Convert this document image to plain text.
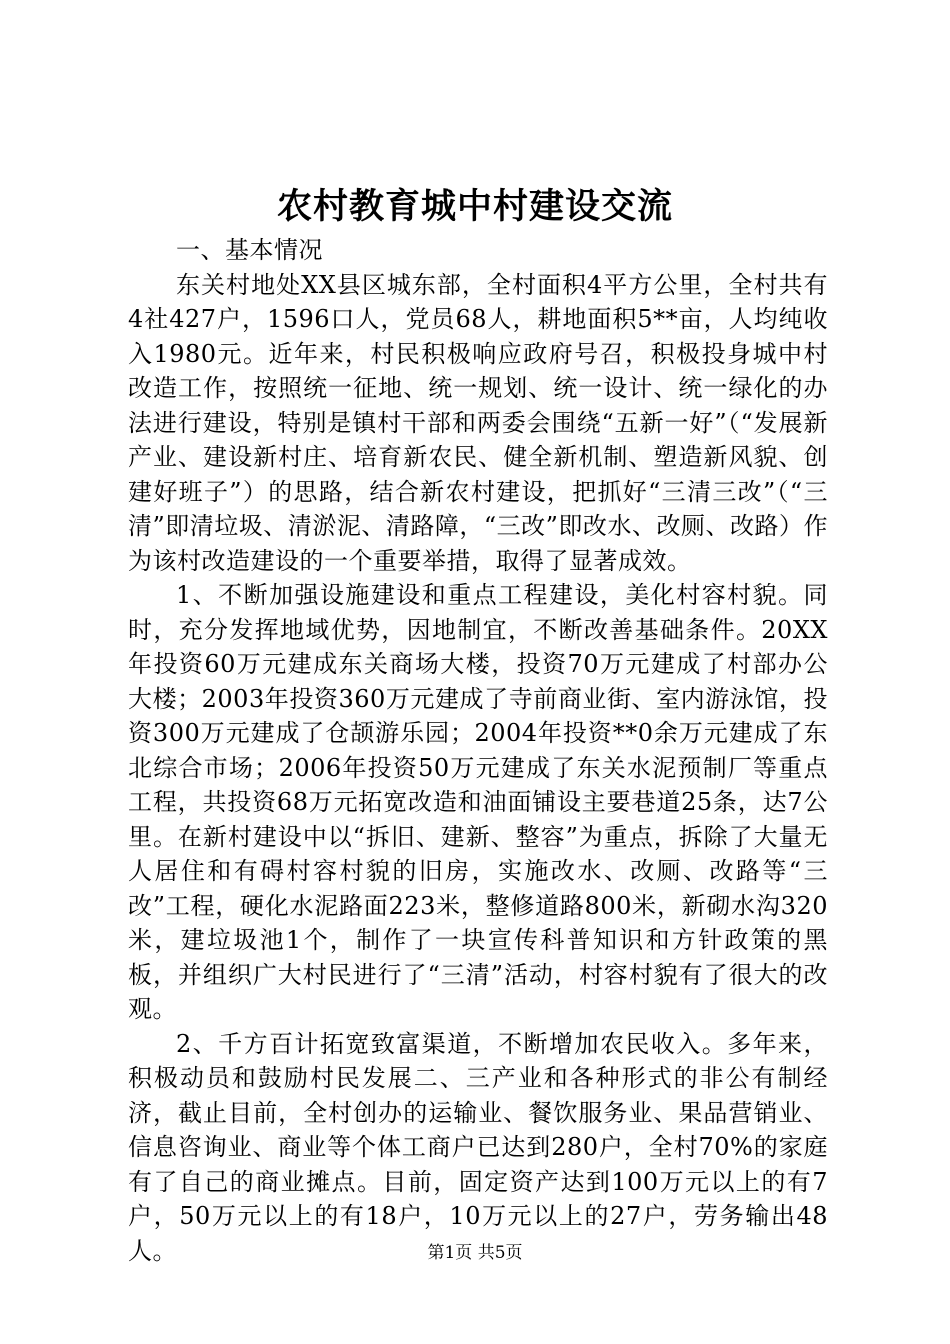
农村教育城中村建设交流

一、基本情况

东关村地处XX县区城东部，全村面积4平方公里，全村共有4社427户，1596口人，党员68人，耕地面积5**亩，人均纯收入1980元。近年来，村民积极响应政府号召，积极投身城中村改造工作，按照统一征地、统一规划、统一设计、统一绿化的办法进行建设，特别是镇村干部和两委会围绕“五新一好”（“发展新产业、建设新村庄、培育新农民、健全新机制、塑造新风貌、创建好班子”）的思路，结合新农村建设，把抓好“三清三改”（“三清”即清垃圾、清淤泥、清路障，“三改”即改水、改厕、改路）作为该村改造建设的一个重要举措，取得了显著成效。

1、不断加强设施建设和重点工程建设，美化村容村貌。同时，充分发挥地域优势，因地制宜，不断改善基础条件。20XX年投资60万元建成东关商场大楼，投资70万元建成了村部办公大楼；2003年投资360万元建成了寺前商业街、室内游泳馆，投资300万元建成了仓颉游乐园；2004年投资**0余万元建成了东北综合市场；2006年投资50万元建成了东关水泥预制厂等重点工程，共投资68万元拓宽改造和油面铺设主要巷道25条，达7公里。在新村建设中以“拆旧、建新、整容”为重点，拆除了大量无人居住和有碍村容村貌的旧房，实施改水、改厕、改路等“三改”工程，硬化水泥路面223米，整修道路800米，新砌水沟320米，建垃圾池1个，制作了一块宣传科普知识和方针政策的黑板，并组织广大村民进行了“三清”活动，村容村貌有了很大的改观。

2、千方百计拓宽致富渠道，不断增加农民收入。多年来，积极动员和鼓励村民发展二、三产业和各种形式的非公有制经济，截止目前，全村创办的运输业、餐饮服务业、果品营销业、信息咨询业、商业等个体工商户已达到280户，全村70%的家庭有了自己的商业摊点。目前，固定资产达到100万元以上的有7户，50万元以上的有18户，10万元以上的27户，劳务输出48人。	第1页 共5页
